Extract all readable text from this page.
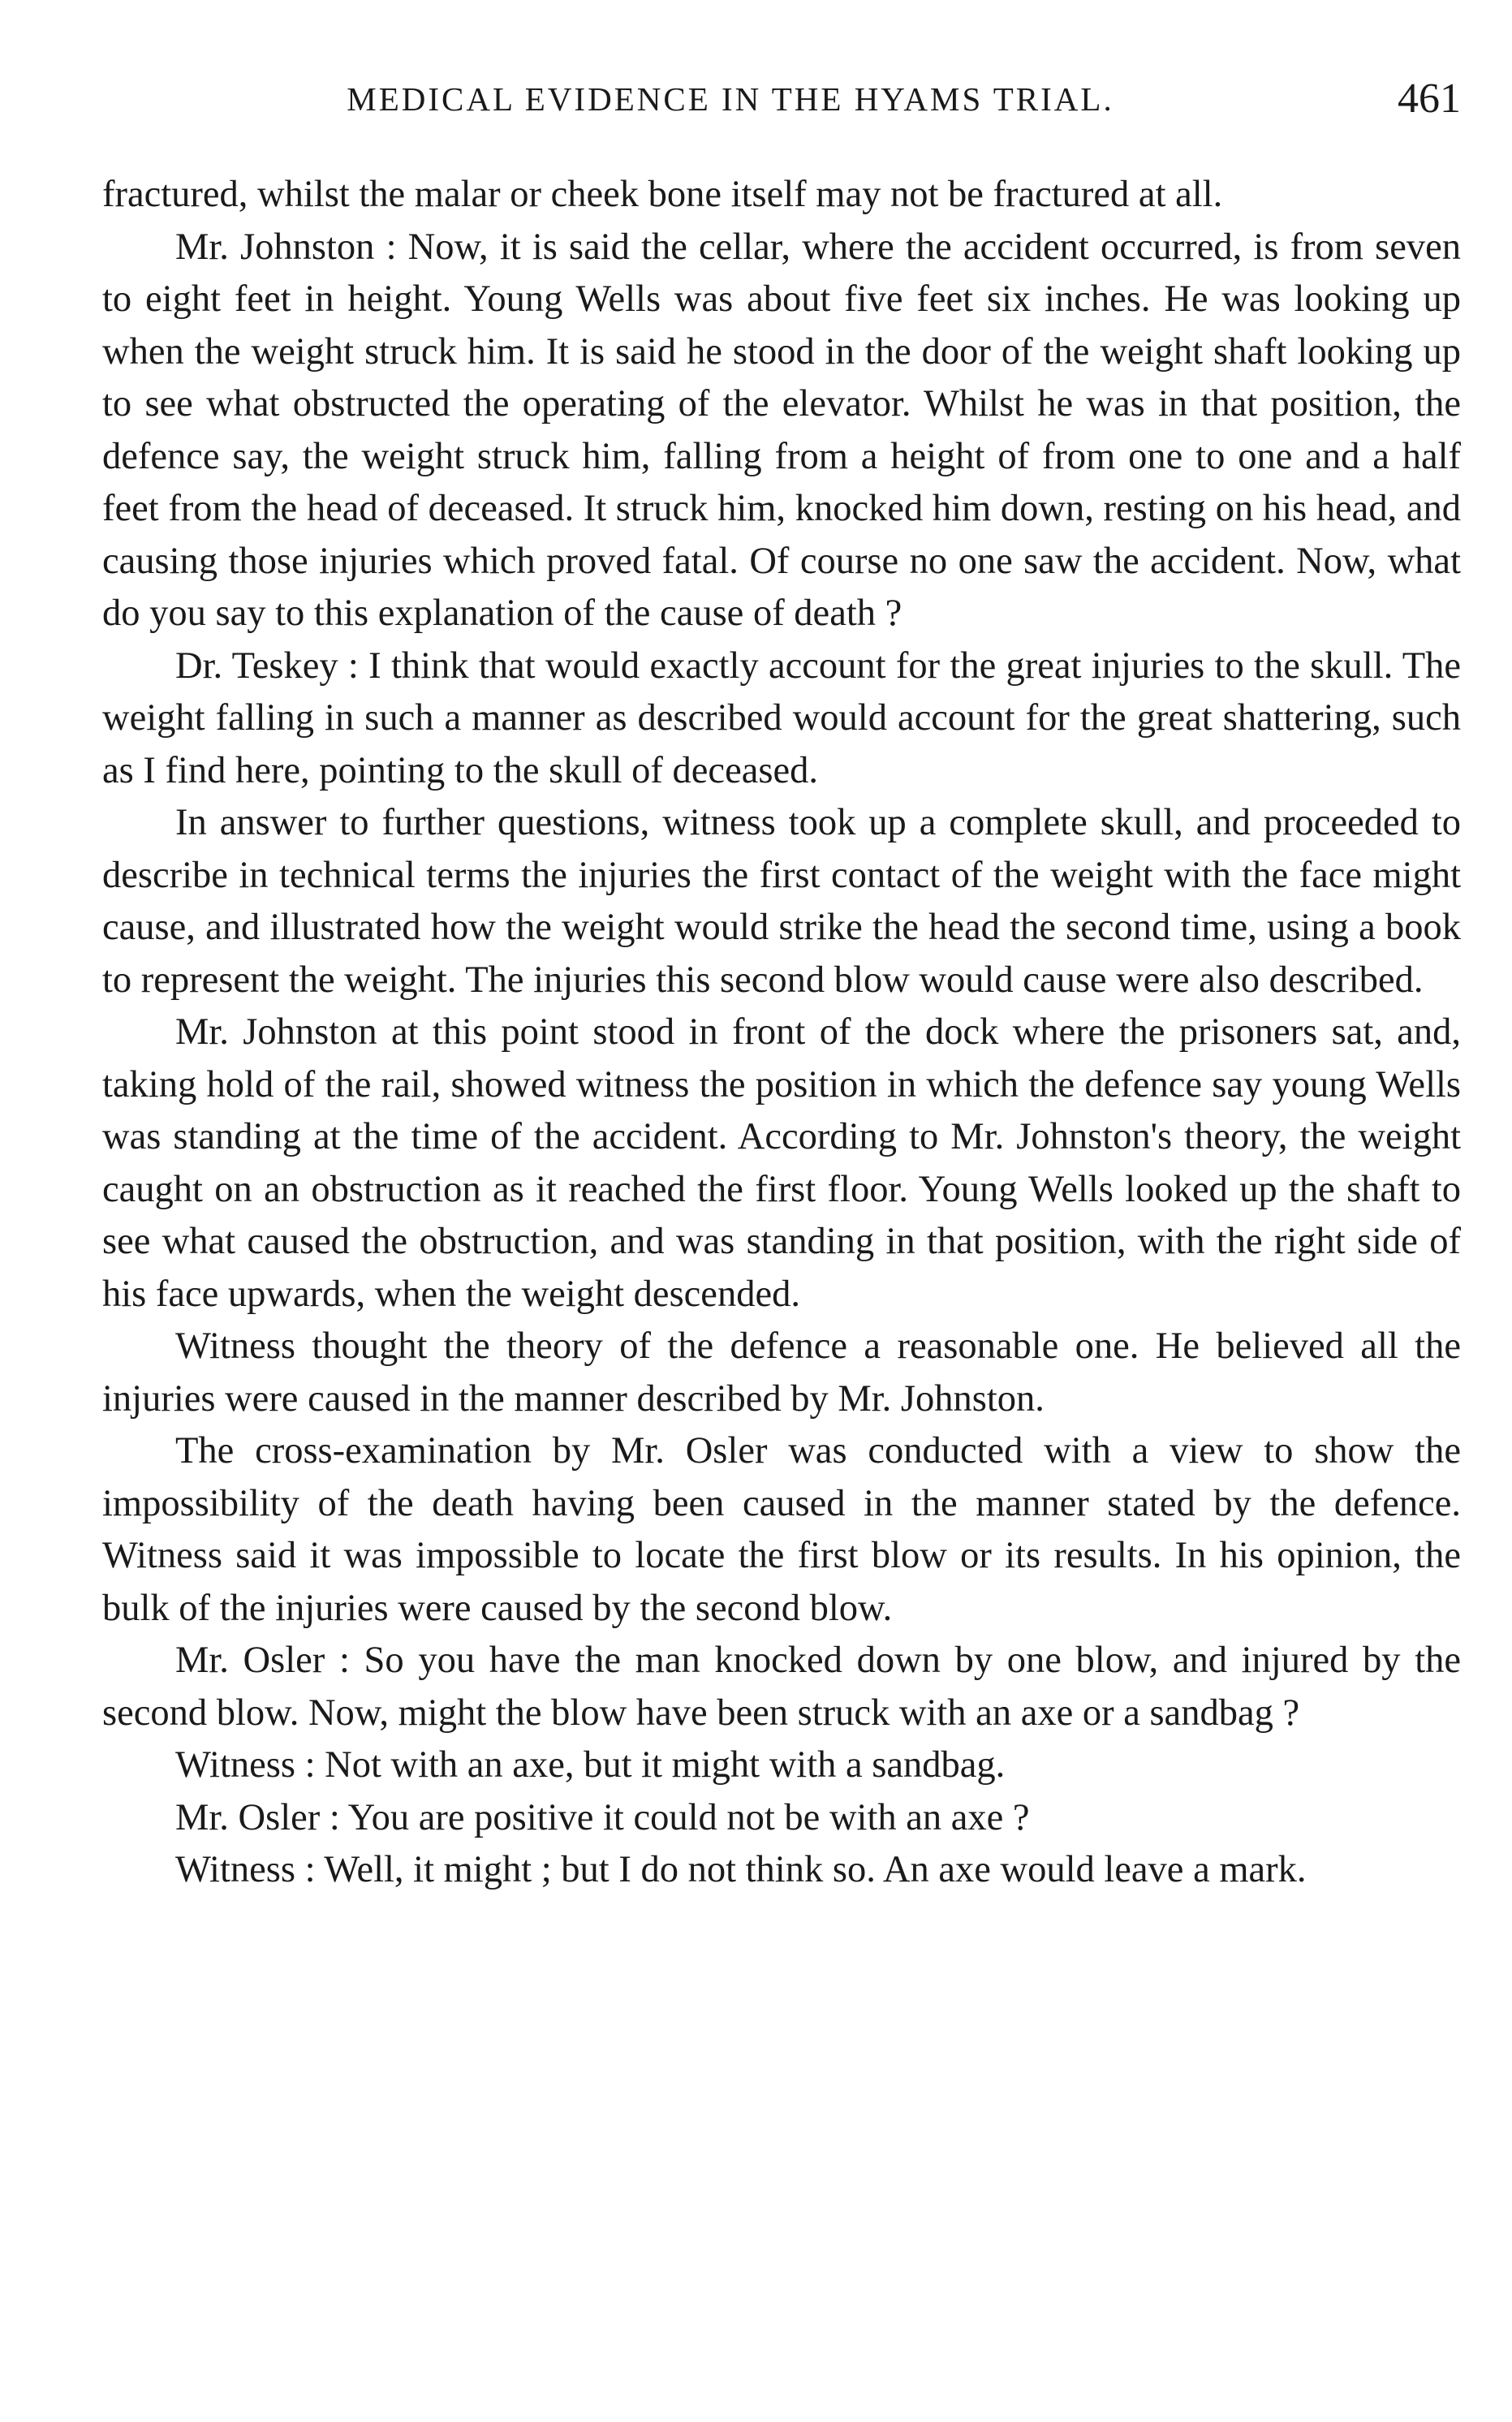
MEDICAL EVIDENCE IN THE HYAMS TRIAL.	461

fractured, whilst the malar or cheek bone itself may not be fractured at all.

Mr. Johnston : Now, it is said the cellar, where the accident occurred, is from seven to eight feet in height. Young Wells was about five feet six inches. He was looking up when the weight struck him. It is said he stood in the door of the weight shaft looking up to see what obstructed the operating of the elevator. Whilst he was in that position, the defence say, the weight struck him, falling from a height of from one to one and a half feet from the head of deceased. It struck him, knocked him down, resting on his head, and causing those injuries which proved fatal. Of course no one saw the accident. Now, what do you say to this explanation of the cause of death ?

Dr. Teskey : I think that would exactly account for the great injuries to the skull. The weight falling in such a manner as described would account for the great shattering, such as I find here, pointing to the skull of deceased.

In answer to further questions, witness took up a complete skull, and proceeded to describe in technical terms the injuries the first contact of the weight with the face might cause, and illustrated how the weight would strike the head the second time, using a book to represent the weight. The injuries this second blow would cause were also described.

Mr. Johnston at this point stood in front of the dock where the prisoners sat, and, taking hold of the rail, showed witness the position in which the defence say young Wells was standing at the time of the accident. According to Mr. Johnston's theory, the weight caught on an obstruction as it reached the first floor. Young Wells looked up the shaft to see what caused the obstruction, and was standing in that position, with the right side of his face upwards, when the weight descended.

Witness thought the theory of the defence a reasonable one. He believed all the injuries were caused in the manner described by Mr. Johnston.

The cross-examination by Mr. Osler was conducted with a view to show the impossibility of the death having been caused in the manner stated by the defence. Witness said it was impossible to locate the first blow or its results. In his opinion, the bulk of the injuries were caused by the second blow.

Mr. Osler : So you have the man knocked down by one blow, and injured by the second blow. Now, might the blow have been struck with an axe or a sandbag ?

Witness : Not with an axe, but it might with a sandbag.

Mr. Osler : You are positive it could not be with an axe ?

Witness : Well, it might ; but I do not think so. An axe would leave a mark.
